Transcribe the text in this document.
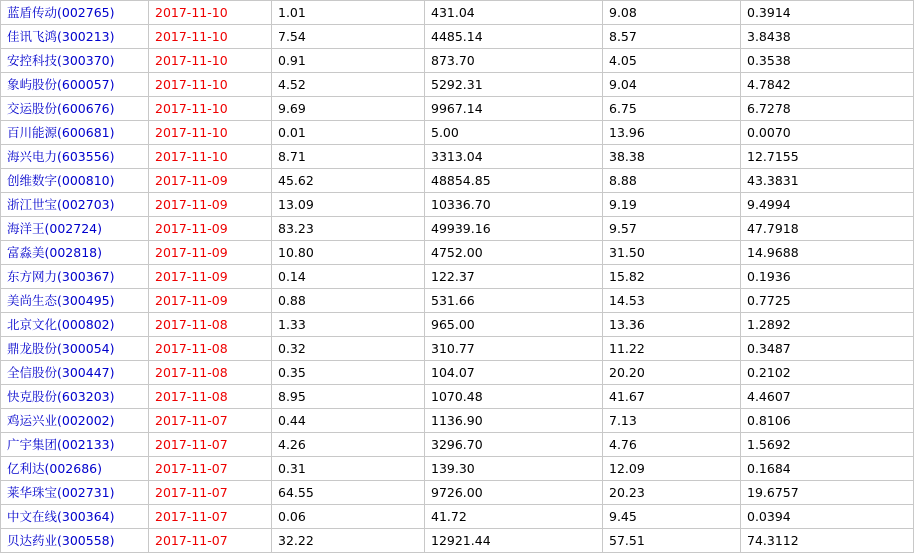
蓝盾传动(002765)	2017-11-10	1.01	431.04	9.08	0.3914
佳讯飞鸿(300213)	2017-11-10	7.54	4485.14	8.57	3.8438
安控科技(300370)	2017-11-10	0.91	873.70	4.05	0.3538
象屿股份(600057)	2017-11-10	4.52	5292.31	9.04	4.7842
交运股份(600676)	2017-11-10	9.69	9967.14	6.75	6.7278
百川能源(600681)	2017-11-10	0.01	5.00	13.96	0.0070
海兴电力(603556)	2017-11-10	8.71	3313.04	38.38	12.7155
创维数字(000810)	2017-11-09	45.62	48854.85	8.88	43.3831
浙江世宝(002703)	2017-11-09	13.09	10336.70	9.19	9.4994
海洋王(002724)	2017-11-09	83.23	49939.16	9.57	47.7918
富淼美(002818)	2017-11-09	10.80	4752.00	31.50	14.9688
东方网力(300367)	2017-11-09	0.14	122.37	15.82	0.1936
美尚生态(300495)	2017-11-09	0.88	531.66	14.53	0.7725
北京文化(000802)	2017-11-08	1.33	965.00	13.36	1.2892
鼎龙股份(300054)	2017-11-08	0.32	310.77	11.22	0.3487
全信股份(300447)	2017-11-08	0.35	104.07	20.20	0.2102
快克股份(603203)	2017-11-08	8.95	1070.48	41.67	4.4607
鸡运兴业(002002)	2017-11-07	0.44	1136.90	7.13	0.8106
广宇集团(002133)	2017-11-07	4.26	3296.70	4.76	1.5692
亿利达(002686)	2017-11-07	0.31	139.30	12.09	0.1684
莱华珠宝(002731)	2017-11-07	64.55	9726.00	20.23	19.6757
中文在线(300364)	2017-11-07	0.06	41.72	9.45	0.0394
贝达药业(300558)	2017-11-07	32.22	12921.44	57.51	74.3112
